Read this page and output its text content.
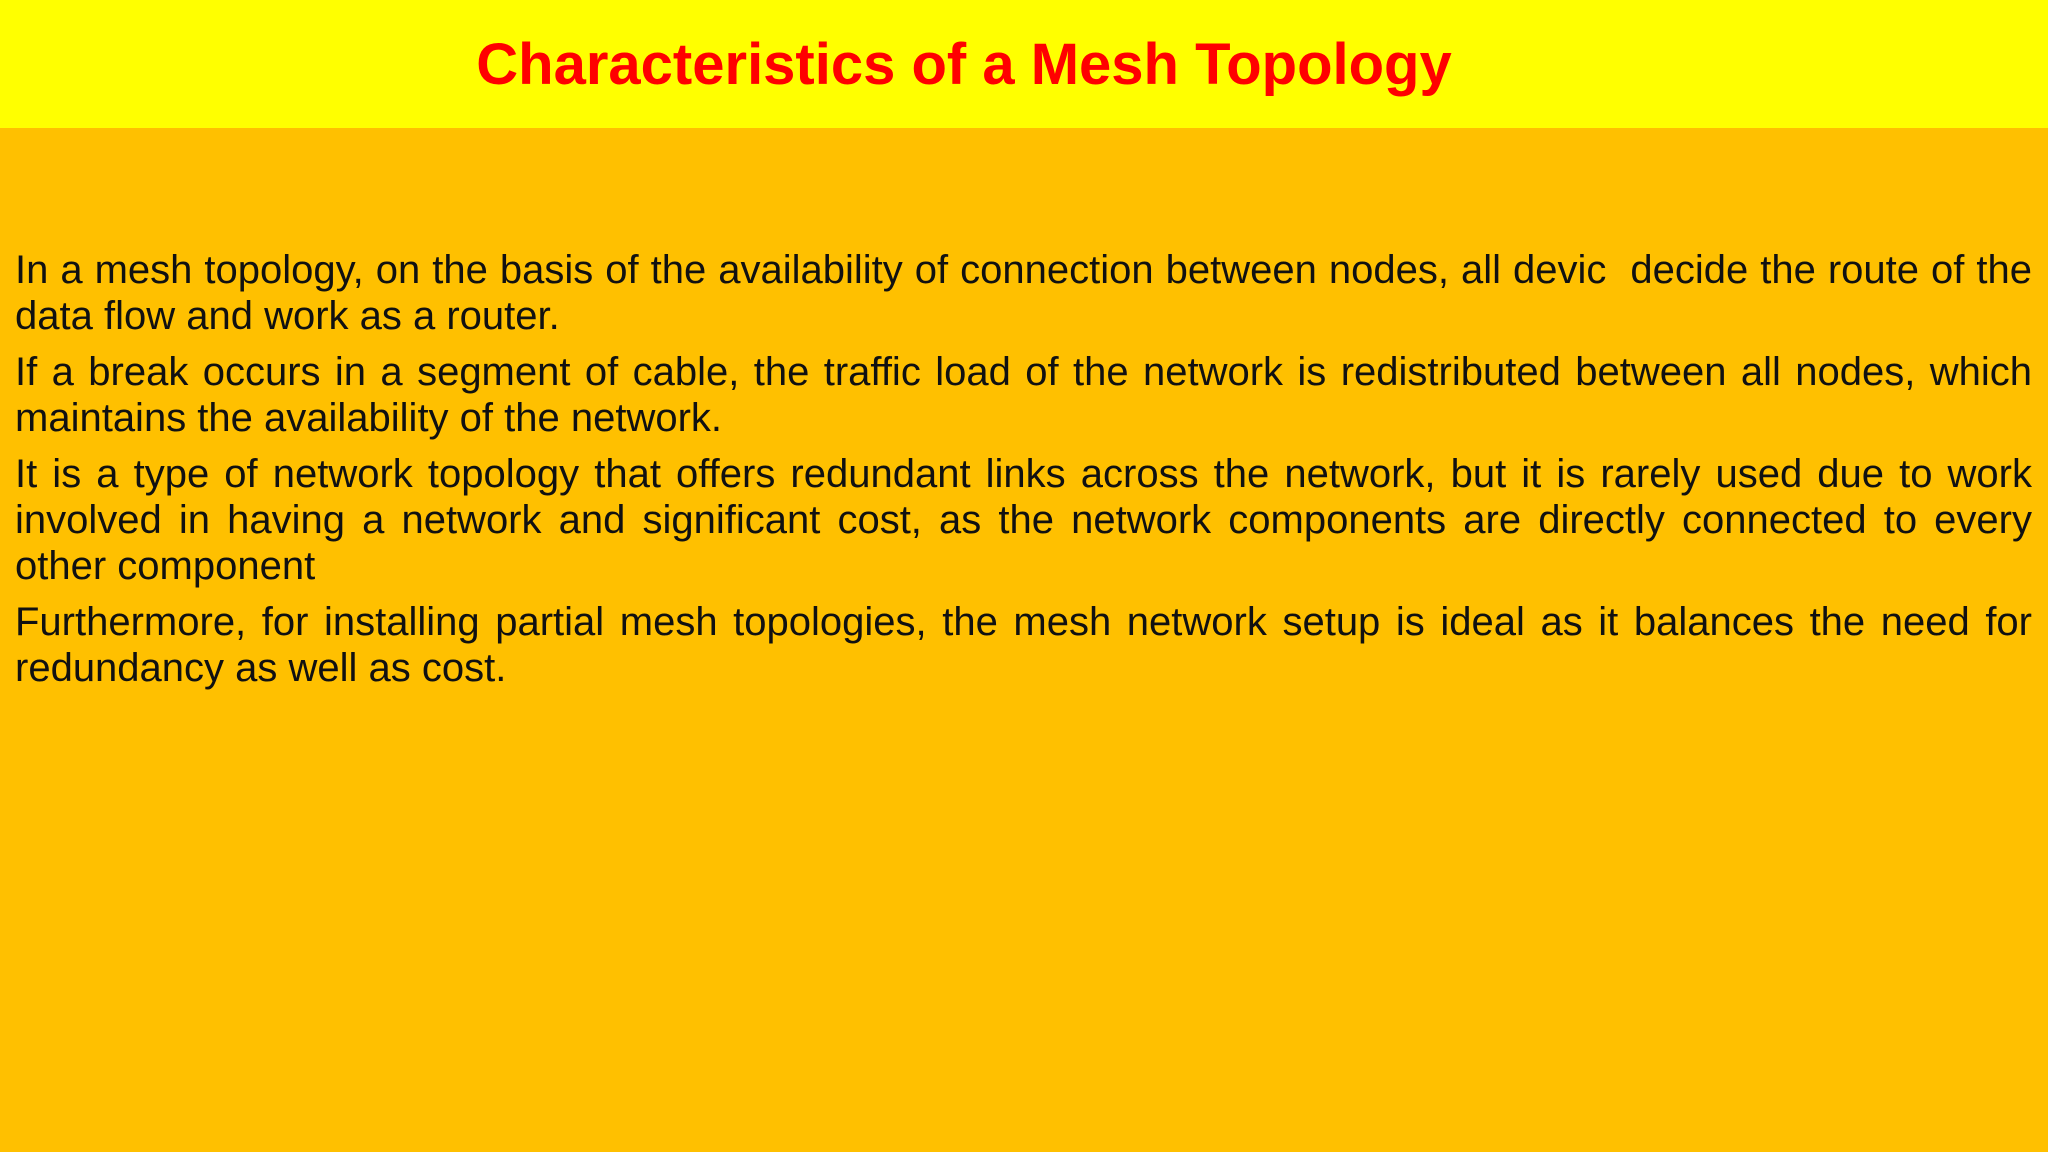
Characteristics of a Mesh Topology

In a mesh topology, on the basis of the availability of connection between nodes, all devic  decide the route of the data flow and work as a router.

If a break occurs in a segment of cable, the traffic load of the network is redistributed between all nodes, which maintains the availability of the network.

It is a type of network topology that offers redundant links across the network, but it is rarely used due to work involved in having a network and significant cost, as the network components are directly connected to every other component

Furthermore, for installing partial mesh topologies, the mesh network setup is ideal as it balances the need for redundancy as well as cost.
